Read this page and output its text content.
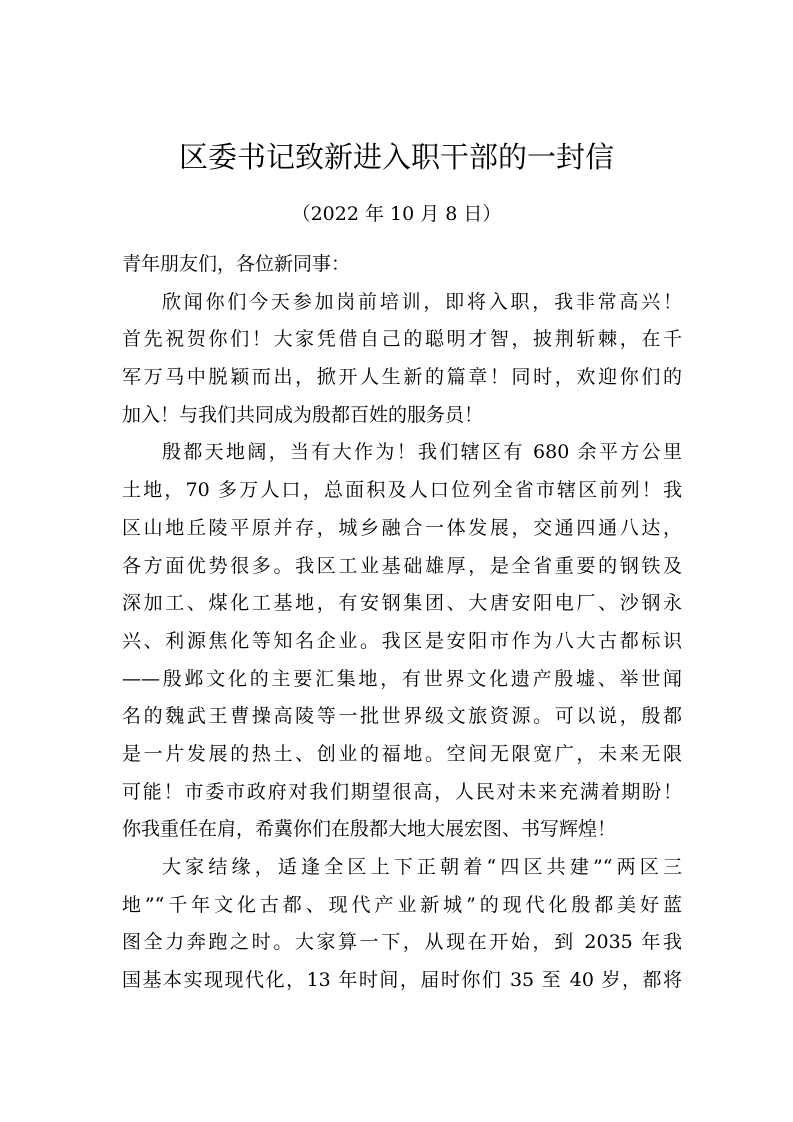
区委书记致新进入职干部的一封信
（2022 年 10 月 8 日）
青年朋友们，各位新同事：
欣闻你们今天参加岗前培训，即将入职，我非常高兴！
首先祝贺你们！大家凭借自己的聪明才智，披荆斩棘，在千
军万马中脱颖而出，掀开人生新的篇章！同时，欢迎你们的
加入！与我们共同成为殷都百姓的服务员！
殷都天地阔，当有大作为！我们辖区有 680 余平方公里
土地，70 多万人口，总面积及人口位列全省市辖区前列！我
区山地丘陵平原并存，城乡融合一体发展，交通四通八达，
各方面优势很多。我区工业基础雄厚，是全省重要的钢铁及
深加工、煤化工基地，有安钢集团、大唐安阳电厂、沙钢永
兴、利源焦化等知名企业。我区是安阳市作为八大古都标识
——殷邺文化的主要汇集地，有世界文化遗产殷墟、举世闻
名的魏武王曹操高陵等一批世界级文旅资源。可以说，殷都
是一片发展的热土、创业的福地。空间无限宽广，未来无限
可能！市委市政府对我们期望很高，人民对未来充满着期盼！
你我重任在肩，希冀你们在殷都大地大展宏图、书写辉煌！
大家结缘，适逢全区上下正朝着“四区共建”“两区三
地”“千年文化古都、现代产业新城”的现代化殷都美好蓝
图全力奔跑之时。大家算一下，从现在开始，到 2035 年我
国基本实现现代化，13 年时间，届时你们 35 至 40 岁，都将
